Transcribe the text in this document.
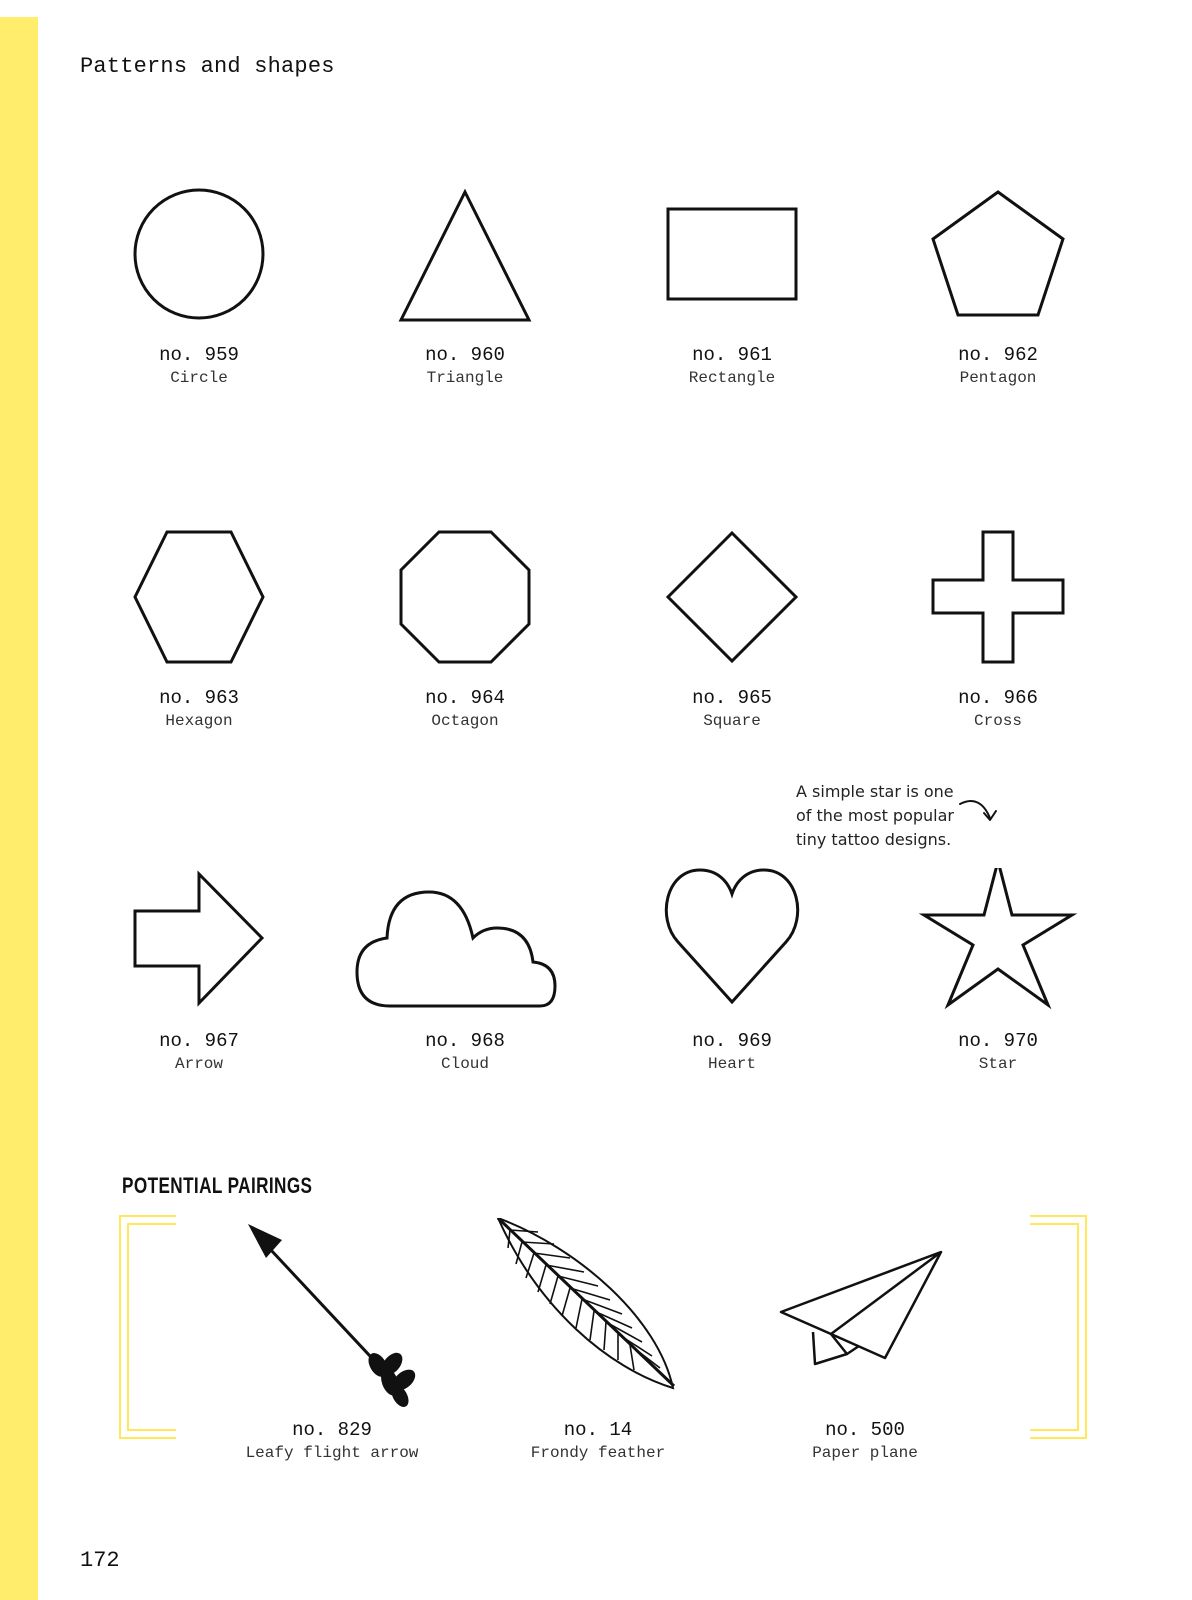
Patterns and shapes
no. 959
Circle
no. 960
Triangle
no. 961
Rectangle
no. 962
Pentagon
no. 963
Hexagon
no. 964
Octagon
no. 965
Square
no. 966
Cross
no. 967
Arrow
no. 968
Cloud
no. 969
Heart
no. 970
Star
A simple star is one
of the most popular
tiny tattoo designs.
POTENTIAL PAIRINGS
no. 829
Leafy flight arrow
no. 14
Frondy feather
no. 500
Paper plane
172
